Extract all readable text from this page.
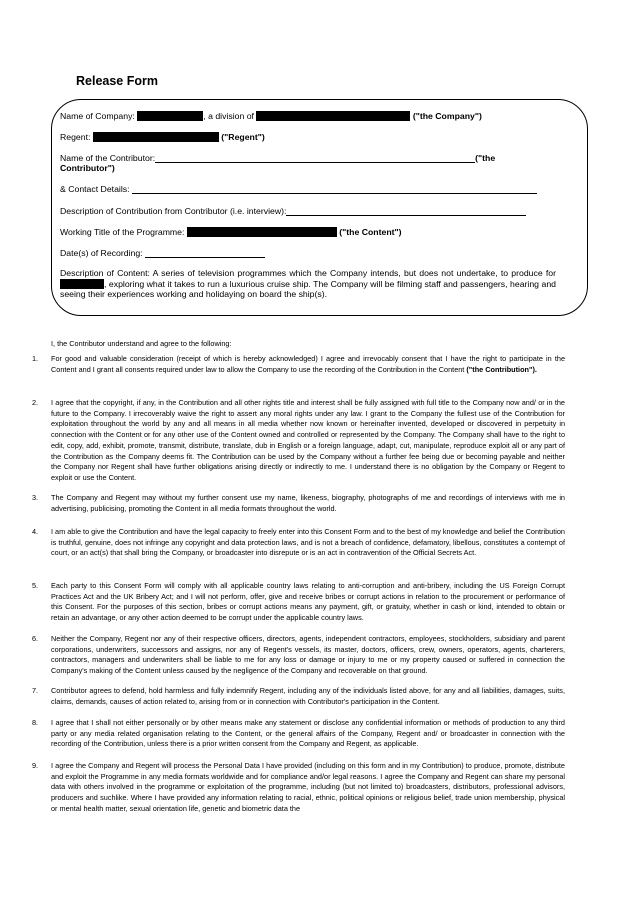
Release Form
Name of Company:	, a division of	("the Company")
Regent:	("Regent")
Name of the Contributor:	("the
Contributor")
& Contact Details:
Description of Contribution from Contributor (i.e. interview):
Working Title of the Programme:	("the Content")
Date(s) of Recording:
Description of Content: A series of television programmes which the Company intends, but does not undertake, to produce for , exploring what it takes to run a luxurious cruise ship. The Company will be filming staff and passengers, hearing and seeing their experiences working and holidaying on board the ship(s).
I, the Contributor understand and agree to the following:
1. For good and valuable consideration (receipt of which is hereby acknowledged) I agree and irrevocably consent that I have the right to participate in the Content and I grant all consents required under law to allow the Company to use the recording of the Contribution in the Content ("the Contribution").
2. I agree that the copyright, if any, in the Contribution and all other rights title and interest shall be fully assigned with full title to the Company now and/ or in the future to the Company. I irrecoverably waive the right to assert any moral rights under any law. I grant to the Company the fullest use of the Contribution for exploitation throughout the world by any and all means in all media whether now known or hereinafter invented, developed or discovered in perpetuity in connection with the Content or for any other use of the Content owned and controlled or represented by the Company. The Company shall have to the right to edit, copy, add, exhibit, promote, transmit, distribute, translate, dub in English or a foreign language, adapt, cut, manipulate, reproduce exploit all or any part of the Contribution as the Company deems fit. The Contribution can be used by the Company without a further fee being due or becoming payable and neither the Company nor Regent shall have further obligations arising directly or indirectly to me. I understand there is no obligation by the Company or Regent to exploit or use the Content.
3. The Company and Regent may without my further consent use my name, likeness, biography, photographs of me and recordings of interviews with me in advertising, publicising, promoting the Content in all media formats throughout the world.
4. I am able to give the Contribution and have the legal capacity to freely enter into this Consent Form and to the best of my knowledge and belief the Contribution is truthful, genuine, does not infringe any copyright and data protection laws, and is not a breach of confidence, defamatory, libellous, constitutes a contempt of court, or an act(s) that shall bring the Company, or broadcaster into disrepute or is an act in contravention of the Official Secrets Act.
5. Each party to this Consent Form will comply with all applicable country laws relating to anti-corruption and anti-bribery, including the US Foreign Corrupt Practices Act and the UK Bribery Act; and I will not perform, offer, give and receive bribes or corrupt actions in relation to the procurement or performance of this Consent. For the purposes of this section, bribes or corrupt actions means any payment, gift, or gratuity, whether in cash or kind, intended to obtain or retain an advantage, or any other action deemed to be corrupt under the applicable country laws.
6. Neither the Company, Regent nor any of their respective officers, directors, agents, independent contractors, employees, stockholders, subsidiary and parent corporations, underwriters, successors and assigns, nor any of Regent's vessels, its master, doctors, officers, crew, owners, operators, agents, charterers, contractors, managers and underwriters shall be liable to me for any loss or damage or injury to me or my property caused or suffered in connection the Company's making of the Content unless caused by the negligence of the Company and recoverable on that ground.
7. Contributor agrees to defend, hold harmless and fully indemnify Regent, including any of the individuals listed above, for any and all liabilities, damages, suits, claims, demands, causes of action related to, arising from or in connection with Contributor's participation in the Content.
8. I agree that I shall not either personally or by other means make any statement or disclose any confidential information or methods of production to any third party or any media related organisation relating to the Content, or the general affairs of the Company, Regent and/ or broadcaster in connection with the recording of the Contribution, unless there is a prior written consent from the Company and Regent, as applicable.
9. I agree the Company and Regent will process the Personal Data I have provided (including on this form and in my Contribution) to produce, promote, distribute and exploit the Programme in any media formats worldwide and for compliance and/or legal reasons. I agree the Company and Regent can share my personal data with others involved in the programme or exploitation of the programme, including (but not limited to) broadcasters, distributors, professional advisors, producers and suchlike. Where I have provided any information relating to racial, ethnic, political opinions or religious belief, trade union membership, physical or mental health matter, sexual orientation life, genetic and biometric data the
